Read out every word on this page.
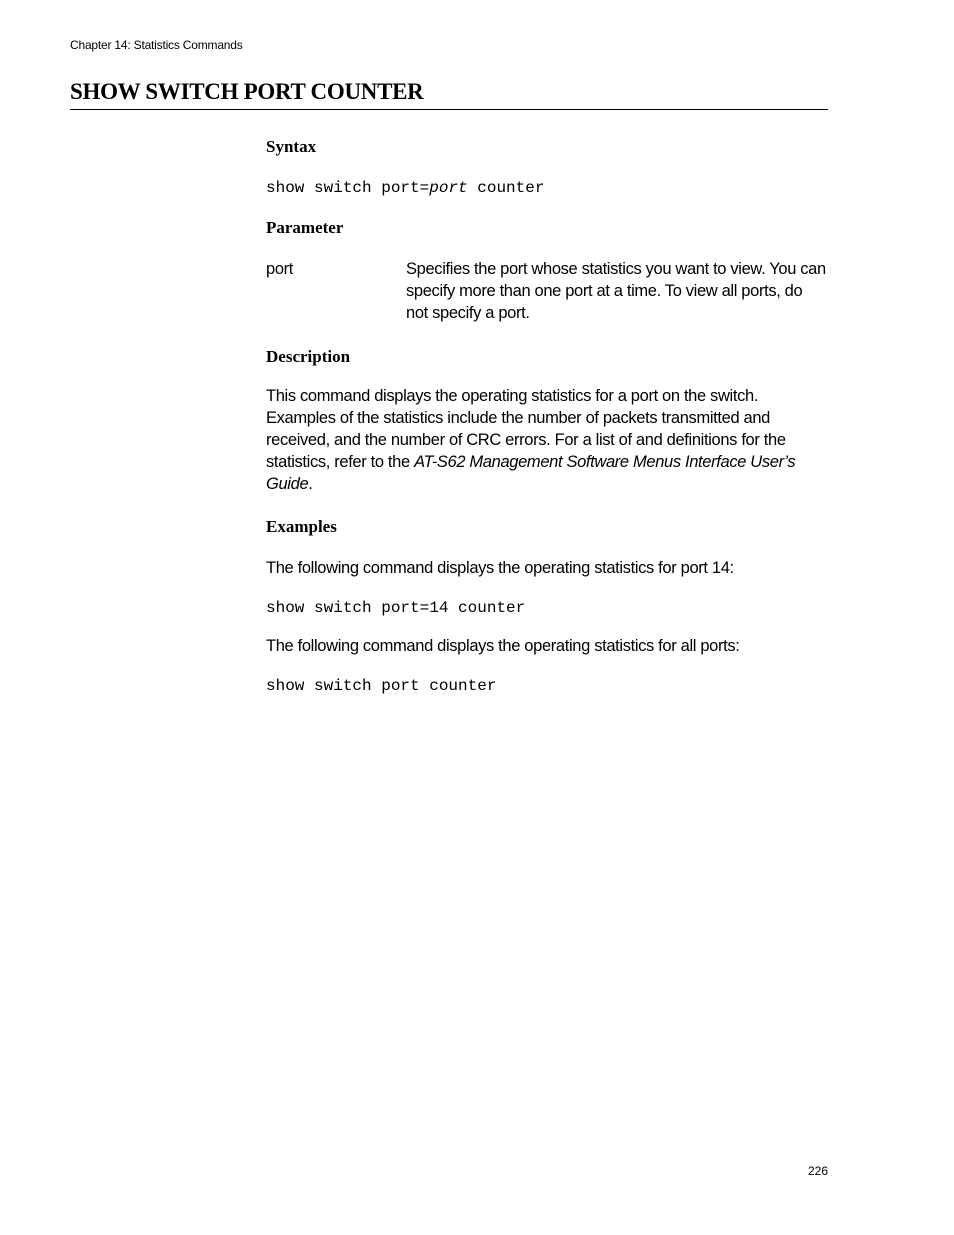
Chapter 14: Statistics Commands
SHOW SWITCH PORT COUNTER
Syntax
show switch port=port counter
Parameter
port	Specifies the port whose statistics you want to view. You can specify more than one port at a time. To view all ports, do not specify a port.
Description
This command displays the operating statistics for a port on the switch. Examples of the statistics include the number of packets transmitted and received, and the number of CRC errors. For a list of and definitions for the statistics, refer to the AT-S62 Management Software Menus Interface User’s Guide.
Examples
The following command displays the operating statistics for port 14:
show switch port=14 counter
The following command displays the operating statistics for all ports:
show switch port counter
226
